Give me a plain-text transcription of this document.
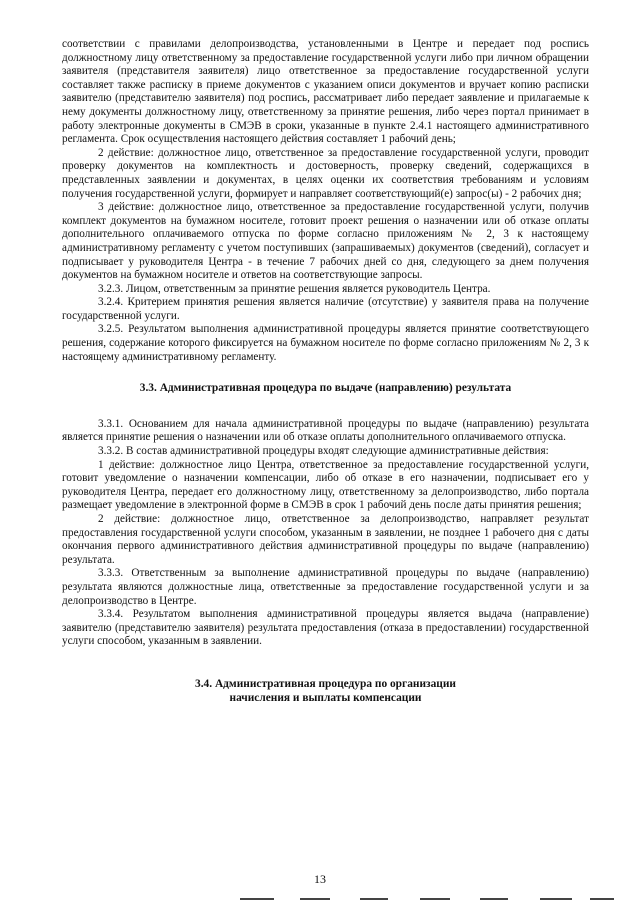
соответствии с правилами делопроизводства, установленными в Центре и передает под роспись должностному лицу ответственному за предоставление государственной услуги либо при личном обращении заявителя (представителя заявителя) лицо ответственное за предоставление государственной услуги составляет также расписку в приеме документов с указанием описи документов и вручает копию расписки заявителю (представителю заявителя) под роспись, рассматривает либо передает заявление и прилагаемые к нему документы должностному лицу, ответственному за принятие решения, либо через портал принимает в работу электронные документы в СМЭВ в сроки, указанные в пункте 2.4.1 настоящего административного регламента. Срок осуществления настоящего действия составляет 1 рабочий день;

2 действие: должностное лицо, ответственное за предоставление государственной услуги, проводит проверку документов на комплектность и достоверность, проверку сведений, содержащихся в представленных заявлении и документах, в целях оценки их соответствия требованиям и условиям получения государственной услуги, формирует и направляет соответствующий(е) запрос(ы) - 2 рабочих дня;

3 действие: должностное лицо, ответственное за предоставление государственной услуги, получив комплект документов на бумажном носителе, готовит проект решения о назначении или об отказе оплаты дополнительного оплачиваемого отпуска по форме согласно приложениям № 2, 3 к настоящему административному регламенту с учетом поступивших (запрашиваемых) документов (сведений), согласует и подписывает у руководителя Центра - в течение 7 рабочих дней со дня, следующего за днем получения документов на бумажном носителе и ответов на соответствующие запросы.

3.2.3. Лицом, ответственным за принятие решения является руководитель Центра.

3.2.4. Критерием принятия решения является наличие (отсутствие) у заявителя права на получение государственной услуги.

3.2.5. Результатом выполнения административной процедуры является принятие соответствующего решения, содержание которого фиксируется на бумажном носителе по форме согласно приложениям № 2, 3 к настоящему административному регламенту.

3.3. Административная процедура по выдаче (направлению) результата

3.3.1. Основанием для начала административной процедуры по выдаче (направлению) результата является принятие решения о назначении или об отказе оплаты дополнительного оплачиваемого отпуска.

3.3.2. В состав административной процедуры входят следующие административные действия:

1 действие: должностное лицо Центра, ответственное за предоставление государственной услуги, готовит уведомление о назначении компенсации, либо об отказе в его назначении, подписывает его у руководителя Центра, передает его должностному лицу, ответственному за делопроизводство, либо портала размещает уведомление в электронной форме в СМЭВ в срок 1 рабочий день после даты принятия решения;

2 действие: должностное лицо, ответственное за делопроизводство, направляет результат предоставления государственной услуги способом, указанным в заявлении, не позднее 1 рабочего дня с даты окончания первого административного действия административной процедуры по выдаче (направлению) результата.

3.3.3. Ответственным за выполнение административной процедуры по выдаче (направлению) результата являются должностные лица, ответственные за предоставление государственной услуги и за делопроизводство в Центре.

3.3.4. Результатом выполнения административной процедуры является выдача (направление) заявителю (представителю заявителя) результата предоставления (отказа в предоставлении) государственной услуги способом, указанным в заявлении.

3.4. Административная процедура по организации
начисления и выплаты компенсации

13
